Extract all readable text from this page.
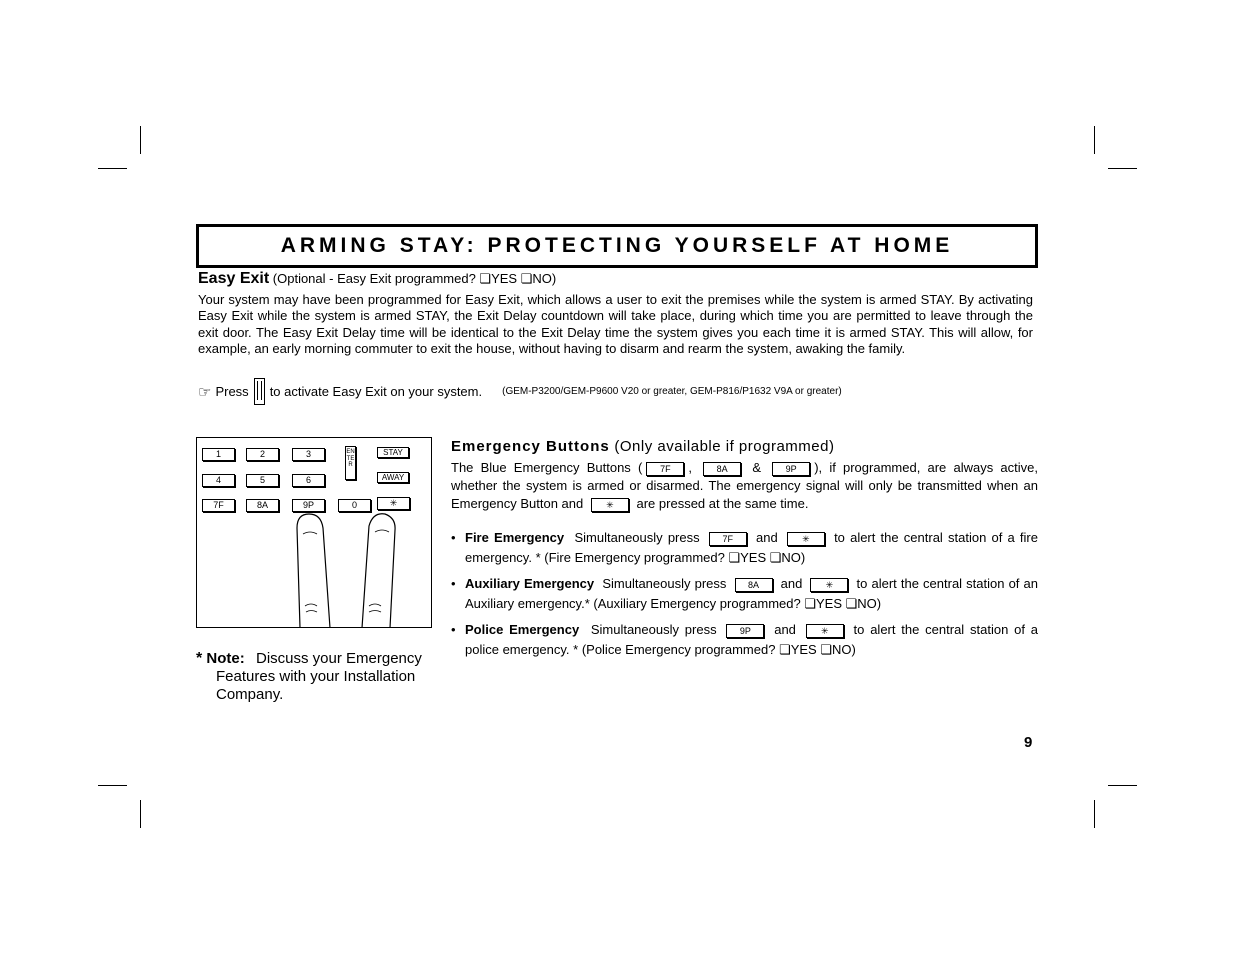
ARMING STAY: PROTECTING YOURSELF AT HOME
Easy Exit (Optional - Easy Exit programmed? ❏YES ❏NO)
Your system may have been programmed for Easy Exit, which allows a user to exit the premises while the system is armed STAY. By activating Easy Exit while the system is armed STAY, the Exit Delay countdown will take place, during which time you are permitted to leave through the exit door. The Easy Exit Delay time will be identical to the Exit Delay time the system gives you each time it is armed STAY. This will allow, for example, an early morning commuter to exit the house, without having to disarm and rearm the system, awaking the family.
☞ Press to activate Easy Exit on your system. (GEM-P3200/GEM-P9600 V20 or greater, GEM-P816/P1632 V9A or greater)
1	2	3
4	5	6
7F	8A	9P	0	✳
ENTER
STAY
AWAY
* Note: Discuss your Emergency Features with your Installation Company.
Emergency Buttons (Only available if programmed)
The Blue Emergency Buttons ( 7F ,	8A &	9P ), if programmed, are always active, whether the system is armed or disarmed. The emergency signal will only be transmitted when an Emergency Button and	✳ are pressed at the same time.
• Fire Emergency Simultaneously press	7F and	✳ to alert the central station of a fire emergency. * (Fire Emergency programmed? ❏YES ❏NO)
• Auxiliary Emergency Simultaneously press 8A and	✳ to alert the central station of an Auxiliary emergency.* (Auxiliary Emergency programmed? ❏YES ❏NO)
• Police Emergency Simultaneously press	9P and	✳ to alert the central station of a police emergency. * (Police Emergency programmed? ❏YES ❏NO)
9
